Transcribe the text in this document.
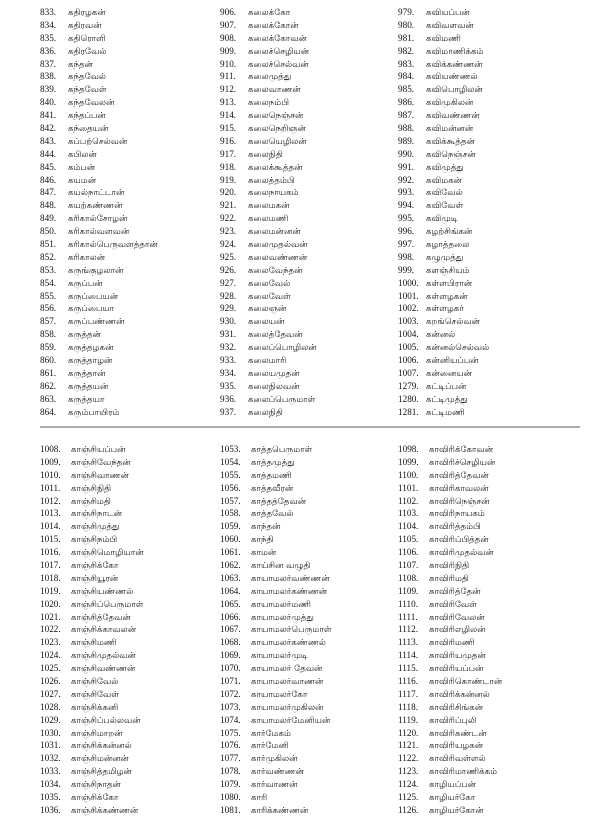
833. கதிரழகன்
834. கதிரவன்
835. கதிரொளி
836. கதிரவேல்
837. கந்தன்
838. கந்தவேல்
839. கந்தவேள்
840. கந்தவேலன்
841. கந்தப்பன்
842. கந்தையன்
843. கப்பற்செல்வன்
844. கபிலன்
845. கம்பன்
846. கயமன்
847. கயல்நாட்டான்
848. கயற்கண்ணன்
849. கரிகால்சோழன்
850. கரிகால்வளவன்
851. கரிகால்பெருவளத்தான்
852. கரிகாலன்
853. கருங்குழலான்
854. கருப்பன்
855. கருப்பையன்
856. கருப்பையா
857. கருப்பண்ணன்
858. கருத்தன்
859. கருத்தழகன்
860. கருத்தாழன்
861. கருத்தான்
862. கருத்தயன்
863. கருத்தயா
864. கரும்பாயிரம்
906. கலைக்கோ
907. கலைக்கோன்
908. கலைக்கோவன்
909. கலைச்செழியன்
910. கலைச்செல்வன்
911. கலைமுத்து
912. கலைவாணன்
913. கலைநம்பி
914. கலைநெஞ்சன்
915. கலைநெறிஞன்
916. கலையெழிலன்
917. கலைநிதி
918. கலைக்கூத்தன்
919. கலைத்தம்பி
920. கலைநாயகம்
921. கலைமகன்
922. கலைமணி
923. கலைமன்னன்
924. கலைமுதல்வன்
925. கலைவண்ணன்
926. கலைவேந்தன்
927. கலைவேல்
928. கலைவேள்
929. கலைஞன்
930. கலையன்
931. கலைத்தேவன்
932. கலைப்பொழிலன்
933. கலைமாரி
934. கலையமுதன்
935. கலைநிலவன்
936. கலைப்பெருமாள்
937. கலைநிதி
979. கவியப்பன்
980. கவிவளவன்
981. கவிமணி
982. கவிமாணிக்கம்
983. கவிக்கண்ணன்
984. கவியண்ணல்
985. கவிபொழிலன்
986. கவிமுகிலன்
987. கவிவண்ணன்
988. கவிமன்னன்
989. கவிக்கூத்தன்
990. கவிநெஞ்சன்
991. கவிமுத்து
992. கவிமகன்
993. கவிவேல்
994. கவிவேள்
995. கவிமுடி
996. கழற்சிங்கன்
997. கழாத்தலை
998. கழுமுத்து
999. களஞ்சியம்
1000. கள்ளபிரான்
1001. கள்ளழகன்
1002. கள்ளழகர்
1003. கறங்செல்வன்
1004. கன்னல்
1005. கன்னல்செல்வல்
1006. கன்னியப்பன்
1007. கன்னையன்
1279. கட்டிப்பன்
1280. கட்டிமுத்து
1281. கட்டிமணி
1008. காஞ்சியப்பன்
1009. காஞ்சிவேந்தன்
1010. காஞ்சிவாணன்
1011. காஞ்சிநிதி
1012. காஞ்சிமதி
1013. காஞ்சிநாடன்
1014. காஞ்சிமுத்து
1015. காஞ்சிநம்பி
1016. காஞ்சிமொழியான்
1017. காஞ்சிக்கோ
1018. காஞ்சியூரன்
1019. காஞ்சியண்ணல்
1020. காஞ்சிப்பெருமாள்
1021. காஞ்சித்தேவன்
1022. காஞ்சிக்காவலன்
1023. காஞ்சிமணி
1024. காஞ்சிமுதல்வன்
1025. காஞ்சிவண்ணன்
1026. காஞ்சிவேல்
1027. காஞ்சிவேள்
1028. காஞ்சிக்கனி
1029. காஞ்சிப்பல்லவன்
1030. காஞ்சிமாறன்
1031. காஞ்சிக்கன்னல்
1032. காஞ்சிமன்னன்
1033. காஞ்சித்தமிழன்
1034. காஞ்சிநாதன்
1035. காஞ்சிக்கோ
1036. காஞ்சிக்கண்ணன்
1053. காத்தபெருமாள்
1054. காத்தமுத்து
1055. காத்தமணி
1056. காத்தவீரன்
1057. காத்தத்தேவன்
1058. காத்தவேல்
1059. காந்தன்
1060. காந்தி
1061. காமன்
1062. காய்சின வழுதி
1063. காயாமலர்வண்ணன்
1064. காயாமலர்கண்ணன்
1065. காயாமலர்மணி
1066. காயாமலர்முத்து
1067. காயாமலர்பெருமாள்
1068. காயாமலர்கண்ணல்
1069. காயாமலர்முடி
1070. காயாமலர் தேவன்
1071. காயாமலர்வாணன்
1072. காயாமலர்கோ
1073. காயாமலர்முகிலன்
1074. காயாமலர்மேனியன்
1075. கார்மேகம்
1076. கார்மேனி
1077. கார்முகிலன்
1078. கார்வண்ணன்
1079. கார்வாணன்
1080. காரி
1081. காரிக்கண்ணன்
1098. காவிரிக்கோவன்
1099. காவிரிச்செழியன்
1100. காவிரித்தேவன்
1101. காவிரிகாவலன்
1102. காவிரிநெஞ்சன்
1103. காவிரிநாயகம்
1104. காவிரித்தம்பி
1105. காவிரிப்பித்தன்
1106. காவிரிமுதல்வன்
1107. காவிரிநிதி
1108. காவிரிமதி
1109. காவிரித்தேன்
1110. காவிரிவேள்
1111. காவிரிவேலன்
1112. காவிரிஎழிலன்
1113. காவிரிமணி
1114. காவிரியமுதன்
1115. காவிரியப்பன்
1116. காவிரிகொண்டான்
1117. காவிரிக்கன்னல்
1118. காவிரிசிங்கன்
1119. காவிரிப்புலி
1120. காவிரிகண்டன்
1121. காவிரியழகன்
1122. காவிரிவள்ளல்
1123. காவிரிமாணிக்கம்
1124. காழியப்பன்
1125. காழியர்கோ
1126. காழியர்கோன்
